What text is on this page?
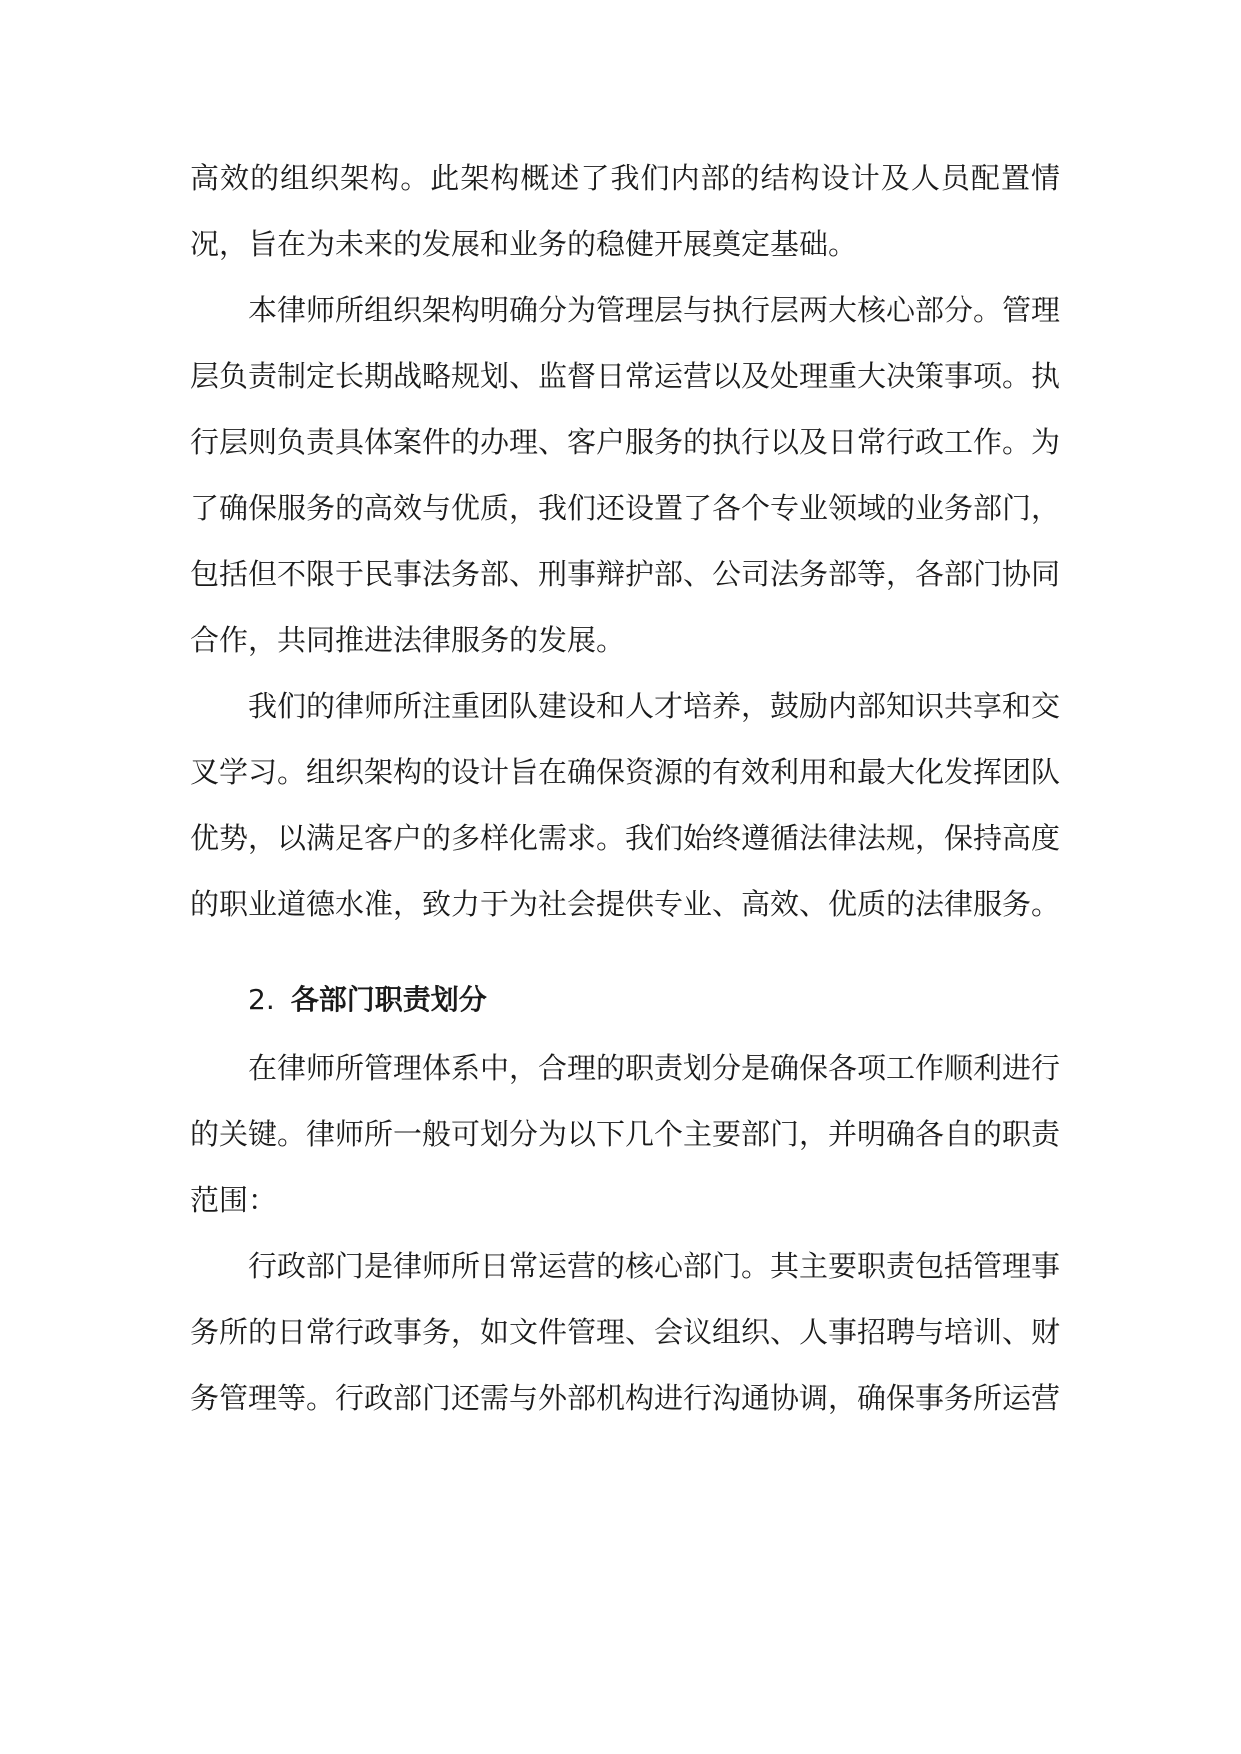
高效的组织架构。此架构概述了我们内部的结构设计及人员配置情况，旨在为未来的发展和业务的稳健开展奠定基础。

本律师所组织架构明确分为管理层与执行层两大核心部分。管理层负责制定长期战略规划、监督日常运营以及处理重大决策事项。执行层则负责具体案件的办理、客户服务的执行以及日常行政工作。为了确保服务的高效与优质，我们还设置了各个专业领域的业务部门，包括但不限于民事法务部、刑事辩护部、公司法务部等，各部门协同合作，共同推进法律服务的发展。

我们的律师所注重团队建设和人才培养，鼓励内部知识共享和交叉学习。组织架构的设计旨在确保资源的有效利用和最大化发挥团队优势，以满足客户的多样化需求。我们始终遵循法律法规，保持高度的职业道德水准，致力于为社会提供专业、高效、优质的法律服务。

2. 各部门职责划分

在律师所管理体系中，合理的职责划分是确保各项工作顺利进行的关键。律师所一般可划分为以下几个主要部门，并明确各自的职责范围：

行政部门是律师所日常运营的核心部门。其主要职责包括管理事务所的日常行政事务，如文件管理、会议组织、人事招聘与培训、财务管理等。行政部门还需与外部机构进行沟通协调，确保事务所运营
